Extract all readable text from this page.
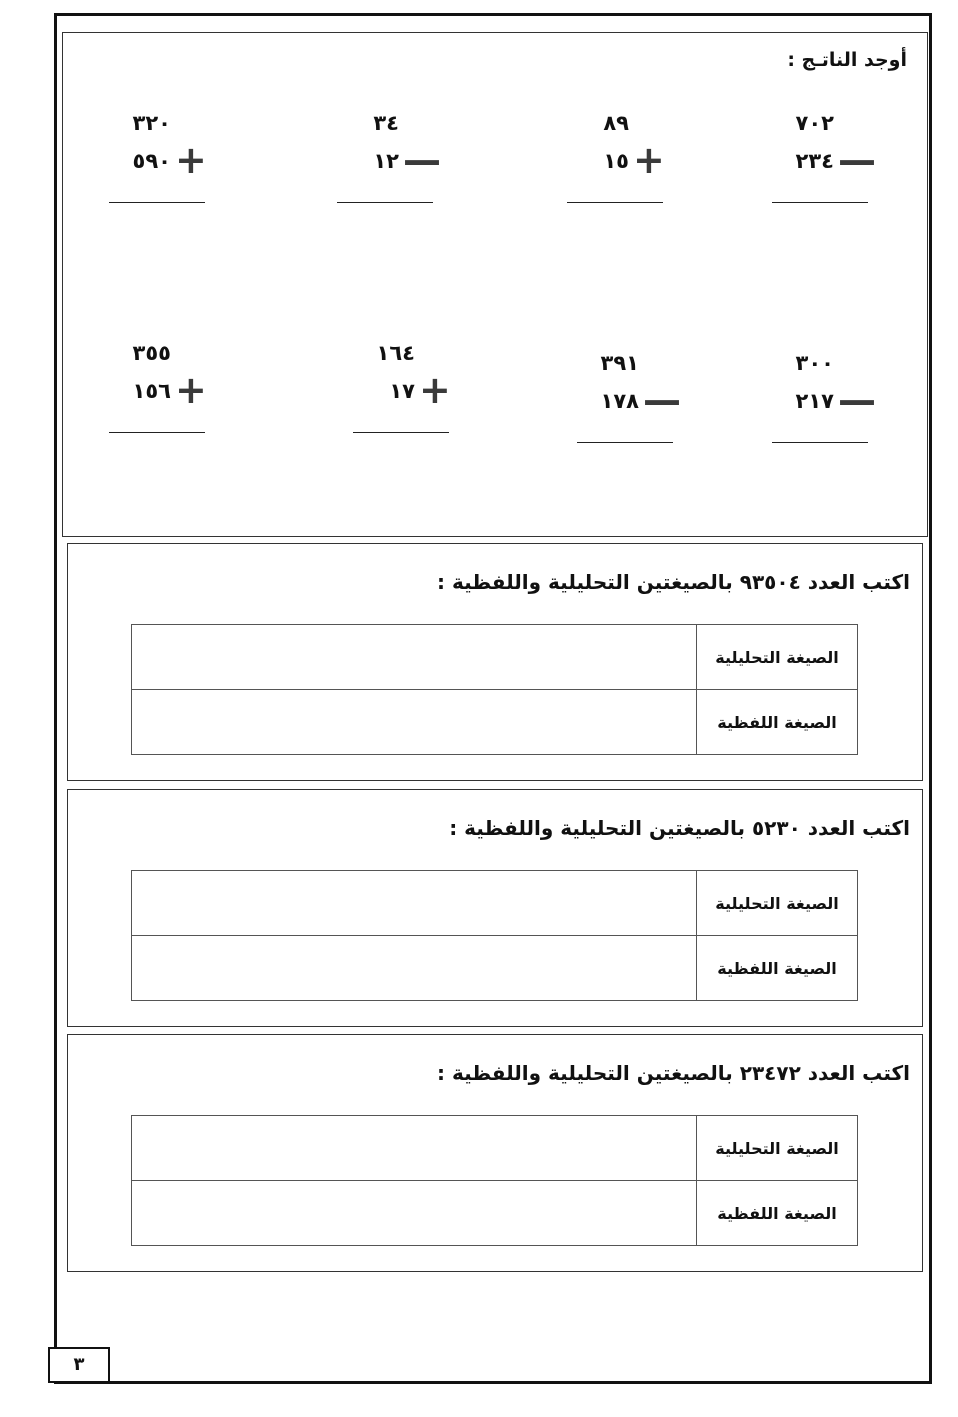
أوجد الناتـج :
٧٠٢
—
٢٣٤
٨٩
+
١٥
٣٤
—
١٢
٣٢٠
+
٥٩٠
٣٠٠
—
٢١٧
٣٩١
—
١٧٨
١٦٤
+
١٧
٣٥٥
+
١٥٦
اكتب العدد ٩٣٥٠٤ بالصيغتين التحليلية واللفظية :
الصيغة التحليلية	
الصيغة اللفظية	
اكتب العدد ٥٢٣٠ بالصيغتين التحليلية واللفظية :
الصيغة التحليلية	
الصيغة اللفظية	
اكتب العدد ٢٣٤٧٢ بالصيغتين التحليلية واللفظية :
الصيغة التحليلية	
الصيغة اللفظية	
٣
